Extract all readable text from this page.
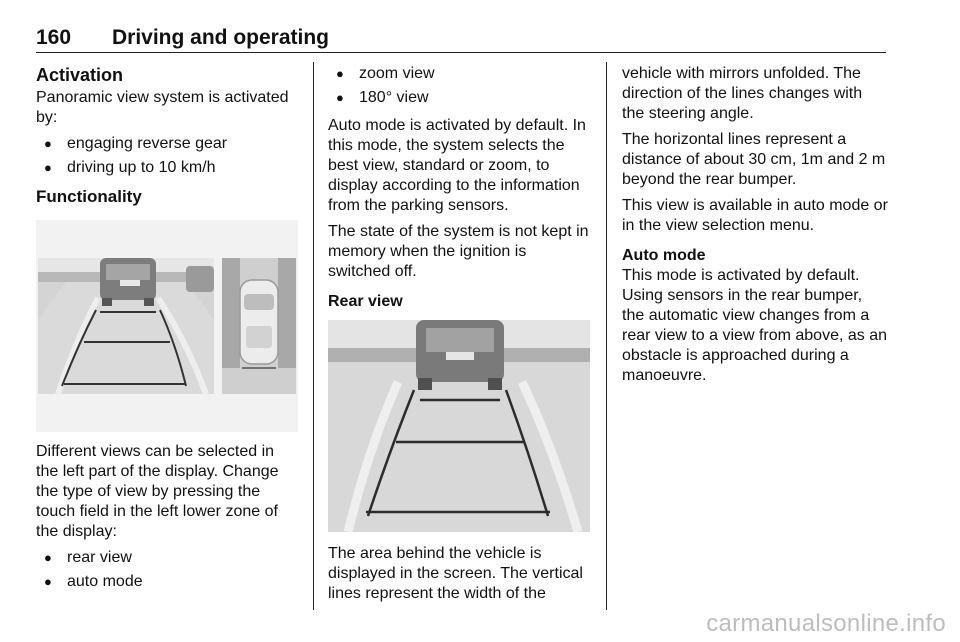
160 Driving and operating
Activation

Panoramic view system is activated by:

● engaging reverse gear
● driving up to 10 km/h
Functionality

Different views can be selected in the left part of the display. Change the type of view by pressing the touch field in the left lower zone of the display:

● rear view
● auto mode
● zoom view
● 180° view

Auto mode is activated by default. In this mode, the system selects the best view, standard or zoom, to display according to the information from the parking sensors.

The state of the system is not kept in memory when the ignition is switched off.

Rear view

The area behind the vehicle is displayed in the screen. The vertical lines represent the width of the

vehicle with mirrors unfolded. The direction of the lines changes with the steering angle.

The horizontal lines represent a distance of about 30 cm, 1m and 2 m beyond the rear bumper.

This view is available in auto mode or in the view selection menu.

Auto mode

This mode is activated by default. Using sensors in the rear bumper, the automatic view changes from a rear view to a view from above, as an obstacle is approached during a manoeuvre.

carmanualsonline.info
